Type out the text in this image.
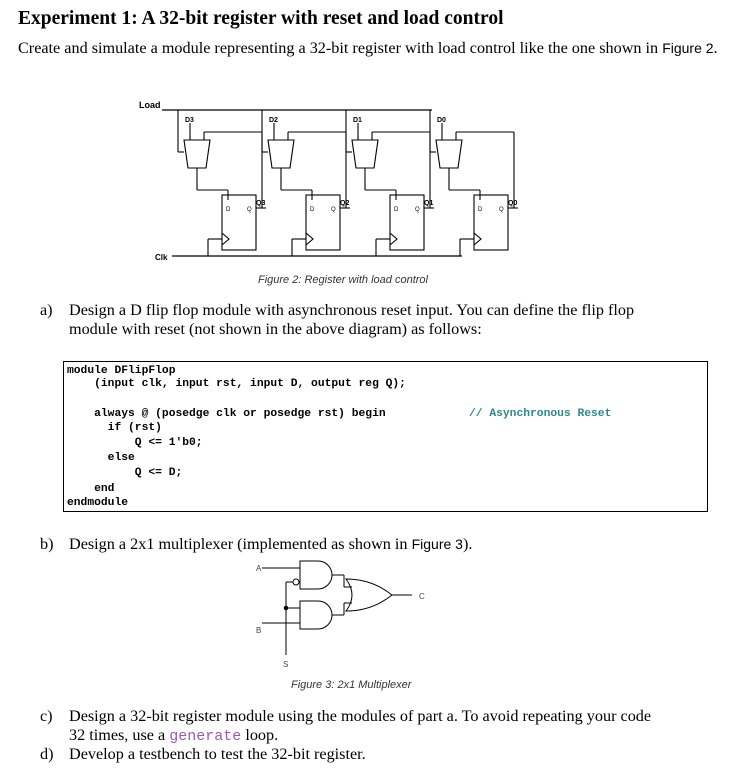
Experiment 1: A 32-bit register with reset and load control
Create and simulate a module representing a 32-bit register with load control like the one shown in Figure 2.
Load
Clk
D3
Q3
D	Q
D2
Q2
D	Q
D1
Q1
D	Q
D0
Q0
D	Q
Figure 2: Register with load control
a) Design a D flip flop module with asynchronous reset input. You can define the flip flop
module with reset (not shown in the above diagram) as follows:
module DFlipFlop
(input clk, input rst, input D, output reg Q);
always @ (posedge clk or posedge rst) begin	// Asynchronous Reset
if (rst)
Q <= 1'b0;
else
Q <= D;
end
endmodule
b) Design a 2x1 multiplexer (implemented as shown in Figure 3).
A
B
C
S
Figure 3: 2x1 Multiplexer
c) Design a 32-bit register module using the modules of part a. To avoid repeating your code
32 times, use a generate loop.
d) Develop a testbench to test the 32-bit register.
